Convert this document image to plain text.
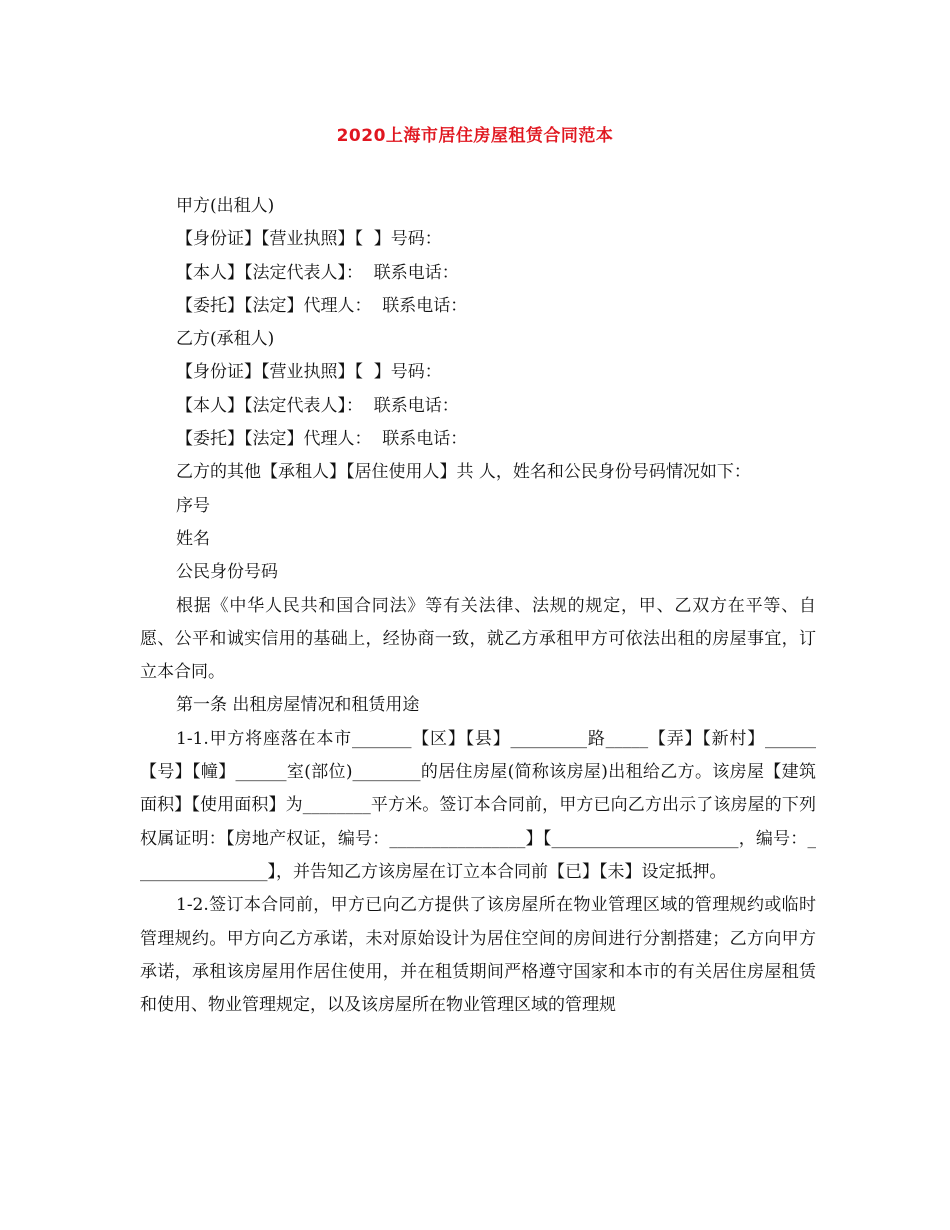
2020上海市居住房屋租赁合同范本
甲方(出租人)
【身份证】【营业执照】【  】号码：
【本人】【法定代表人】：  联系电话：
【委托】【法定】代理人：  联系电话：
乙方(承租人)
【身份证】【营业执照】【  】号码：
【本人】【法定代表人】：  联系电话：
【委托】【法定】代理人：  联系电话：
乙方的其他【承租人】【居住使用人】共 人，姓名和公民身份号码情况如下：
序号
姓名
公民身份号码
根据《中华人民共和国合同法》等有关法律、法规的规定，甲、乙双方在平等、自愿、公平和诚实信用的基础上，经协商一致，就乙方承租甲方可依法出租的房屋事宜，订立本合同。
第一条 出租房屋情况和租赁用途
1-1.甲方将座落在本市_______【区】【县】_________路_____【弄】【新村】______【号】【幢】______室(部位)________的居住房屋(简称该房屋)出租给乙方。该房屋【建筑面积】【使用面积】为________平方米。签订本合同前，甲方已向乙方出示了该房屋的下列权属证明：【房地产权证，编号：________________】【______________________，编号：________________】，并告知乙方该房屋在订立本合同前【已】【未】设定抵押。
1-2.签订本合同前，甲方已向乙方提供了该房屋所在物业管理区域的管理规约或临时管理规约。甲方向乙方承诺，未对原始设计为居住空间的房间进行分割搭建；乙方向甲方承诺，承租该房屋用作居住使用，并在租赁期间严格遵守国家和本市的有关居住房屋租赁和使用、物业管理规定，以及该房屋所在物业管理区域的管理规
